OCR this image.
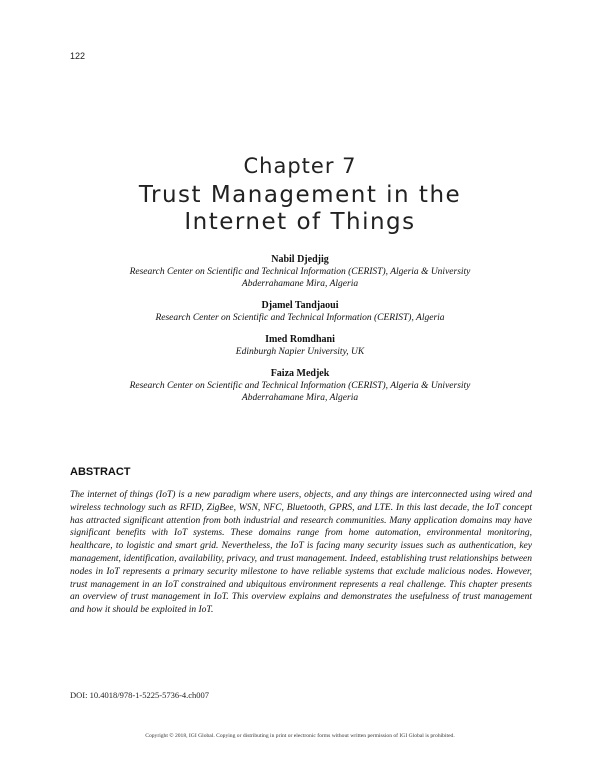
122
Chapter 7
Trust Management in the
Internet of Things
Nabil Djedjig
Research Center on Scientific and Technical Information (CERIST), Algeria & University
Abderrahamane Mira, Algeria
Djamel Tandjaoui
Research Center on Scientific and Technical Information (CERIST), Algeria
Imed Romdhani
Edinburgh Napier University, UK
Faiza Medjek
Research Center on Scientific and Technical Information (CERIST), Algeria & University
Abderrahamane Mira, Algeria
ABSTRACT
The internet of things (IoT) is a new paradigm where users, objects, and any things are interconnected using wired and wireless technology such as RFID, ZigBee, WSN, NFC, Bluetooth, GPRS, and LTE. In this last decade, the IoT concept has attracted significant attention from both industrial and research communities. Many application domains may have significant benefits with IoT systems. These domains range from home automation, environmental monitoring, healthcare, to logistic and smart grid. Nevertheless, the IoT is facing many security issues such as authentication, key management, identification, availability, privacy, and trust management. Indeed, establishing trust relationships between nodes in IoT represents a primary security milestone to have reliable systems that exclude malicious nodes. However, trust management in an IoT constrained and ubiquitous environment represents a real challenge. This chapter presents an overview of trust management in IoT. This overview explains and demonstrates the usefulness of trust management and how it should be exploited in IoT.
DOI: 10.4018/978-1-5225-5736-4.ch007
Copyright © 2018, IGI Global. Copying or distributing in print or electronic forms without written permission of IGI Global is prohibited.
